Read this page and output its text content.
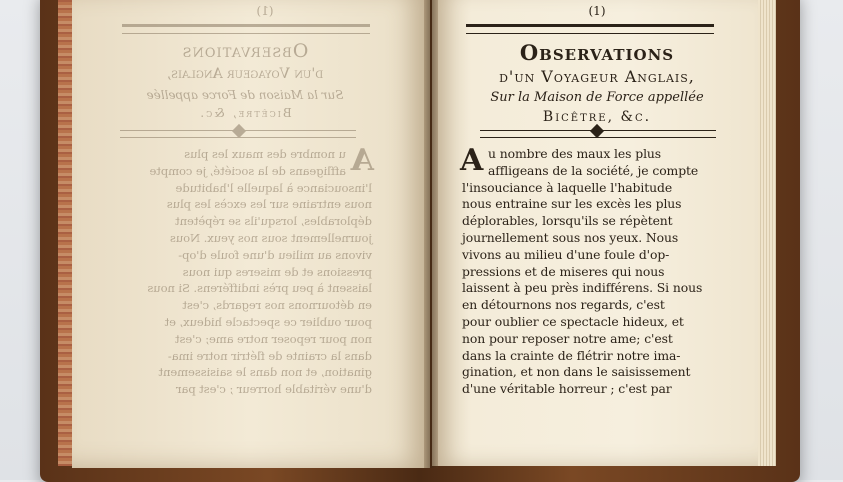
(1)
Observations
d'un Voyageur Anglais,
Sur la Maison de Force appellée
Bicêtre, &c.
A
u nombre des maux les plus
affligeans de la société, je compte
l'insouciance à laquelle l'habitude
nous entraine sur les excès les plus
déplorables, lorsqu'ils se répètent
journellement sous nos yeux. Nous
vivons au milieu d'une foule d'op-
pressions et de miseres qui nous
laissent à peu près indifférens. Si nous
en détournons nos regards, c'est
pour oublier ce spectacle hideux, et
non pour reposer notre ame; c'est
dans la crainte de flétrir notre ima-
gination, et non dans le saisissement
d'une véritable horreur ; c'est par
(1)
Observations
d'un Voyageur Anglais,
Sur la Maison de Force appellée
Bicêtre, &c.
A u nombre des maux les plus
affligeans de la société, je compte
l'insouciance à laquelle l'habitude
nous entraine sur les excès les plus
déplorables, lorsqu'ils se répètent
journellement sous nos yeux. Nous
vivons au milieu d'une foule d'op-
pressions et de miseres qui nous
laissent à peu près indifférens. Si nous
en détournons nos regards, c'est
pour oublier ce spectacle hideux, et
non pour reposer notre ame; c'est
dans la crainte de flétrir notre ima-
gination, et non dans le saisissement
d'une véritable horreur ; c'est par
